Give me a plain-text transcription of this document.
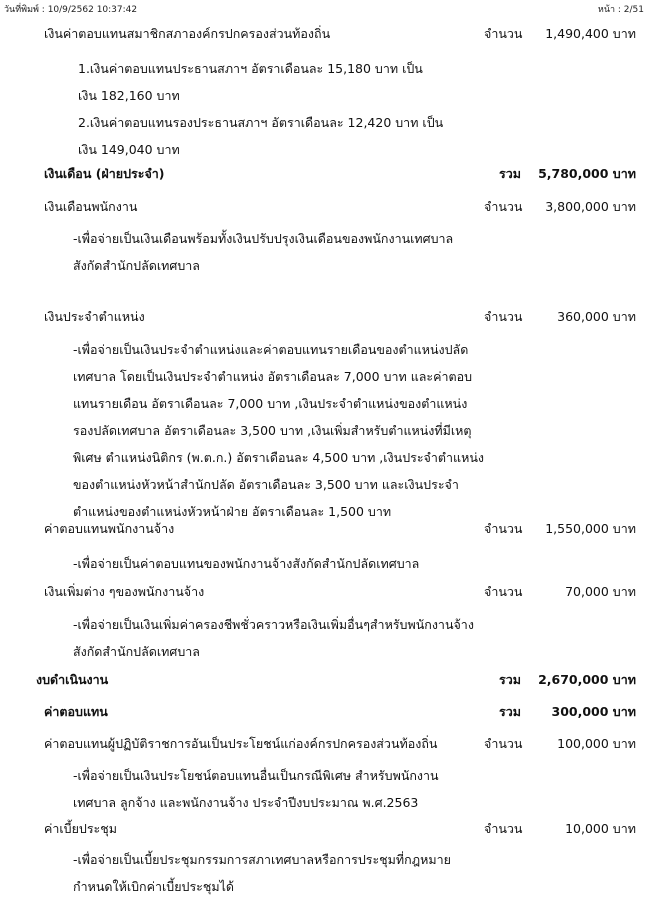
วันที่พิมพ์ : 10/9/2562 10:37:42	หน้า : 2/51
เงินค่าตอบแทนสมาชิกสภาองค์กรปกครองส่วนท้องถิ่น	จำนวน 1,490,400 บาท
1.เงินค่าตอบแทนประธานสภาฯ อัตราเดือนละ 15,180 บาท เป็น
เงิน 182,160 บาท
2.เงินค่าตอบแทนรองประธานสภาฯ อัตราเดือนละ 12,420 บาท เป็น
เงิน 149,040 บาท
เงินเดือน (ฝ่ายประจำ)	รวม 5,780,000 บาท
เงินเดือนพนักงาน	จำนวน 3,800,000 บาท
-เพื่อจ่ายเป็นเงินเดือนพร้อมทั้งเงินปรับปรุงเงินเดือนของพนักงานเทศบาล
สังกัดสำนักปลัดเทศบาล
เงินประจำตำแหน่ง	จำนวน	360,000 บาท
-เพื่อจ่ายเป็นเงินประจำตำแหน่งและค่าตอบแทนรายเดือนของตำแหน่งปลัด
เทศบาล โดยเป็นเงินประจำตำแหน่ง อัตราเดือนละ 7,000 บาท และค่าตอบ
แทนรายเดือน อัตราเดือนละ 7,000 บาท ,เงินประจำตำแหน่งของตำแหน่ง
รองปลัดเทศบาล อัตราเดือนละ 3,500 บาท ,เงินเพิ่มสำหรับตำแหน่งที่มีเหตุ
พิเศษ ตำแหน่งนิติกร (พ.ต.ก.) อัตราเดือนละ 4,500 บาท ,เงินประจำตำแหน่ง
ของตำแหน่งหัวหน้าสำนักปลัด อัตราเดือนละ 3,500 บาท และเงินประจำ
ตำแหน่งของตำแหน่งหัวหน้าฝ่าย อัตราเดือนละ 1,500 บาท
ค่าตอบแทนพนักงานจ้าง	จำนวน 1,550,000 บาท
-เพื่อจ่ายเป็นค่าตอบแทนของพนักงานจ้างสังกัดสำนักปลัดเทศบาล
เงินเพิ่มต่าง ๆของพนักงานจ้าง	จำนวน	70,000 บาท
-เพื่อจ่ายเป็นเงินเพิ่มค่าครองชีพชั่วคราวหรือเงินเพิ่มอื่นๆสำหรับพนักงานจ้าง
สังกัดสำนักปลัดเทศบาล
งบดำเนินงาน	รวม 2,670,000 บาท
ค่าตอบแทน	รวม 300,000 บาท
ค่าตอบแทนผู้ปฏิบัติราชการอันเป็นประโยชน์แก่องค์กรปกครองส่วนท้องถิ่น	จำนวน	100,000 บาท
-เพื่อจ่ายเป็นเงินประโยชน์ตอบแทนอื่นเป็นกรณีพิเศษ สำหรับพนักงาน
เทศบาล ลูกจ้าง และพนักงานจ้าง ประจำปีงบประมาณ พ.ศ.2563
ค่าเบี้ยประชุม	จำนวน	10,000 บาท
-เพื่อจ่ายเป็นเบี้ยประชุมกรรมการสภาเทศบาลหรือการประชุมที่กฎหมาย
กำหนดให้เบิกค่าเบี้ยประชุมได้
